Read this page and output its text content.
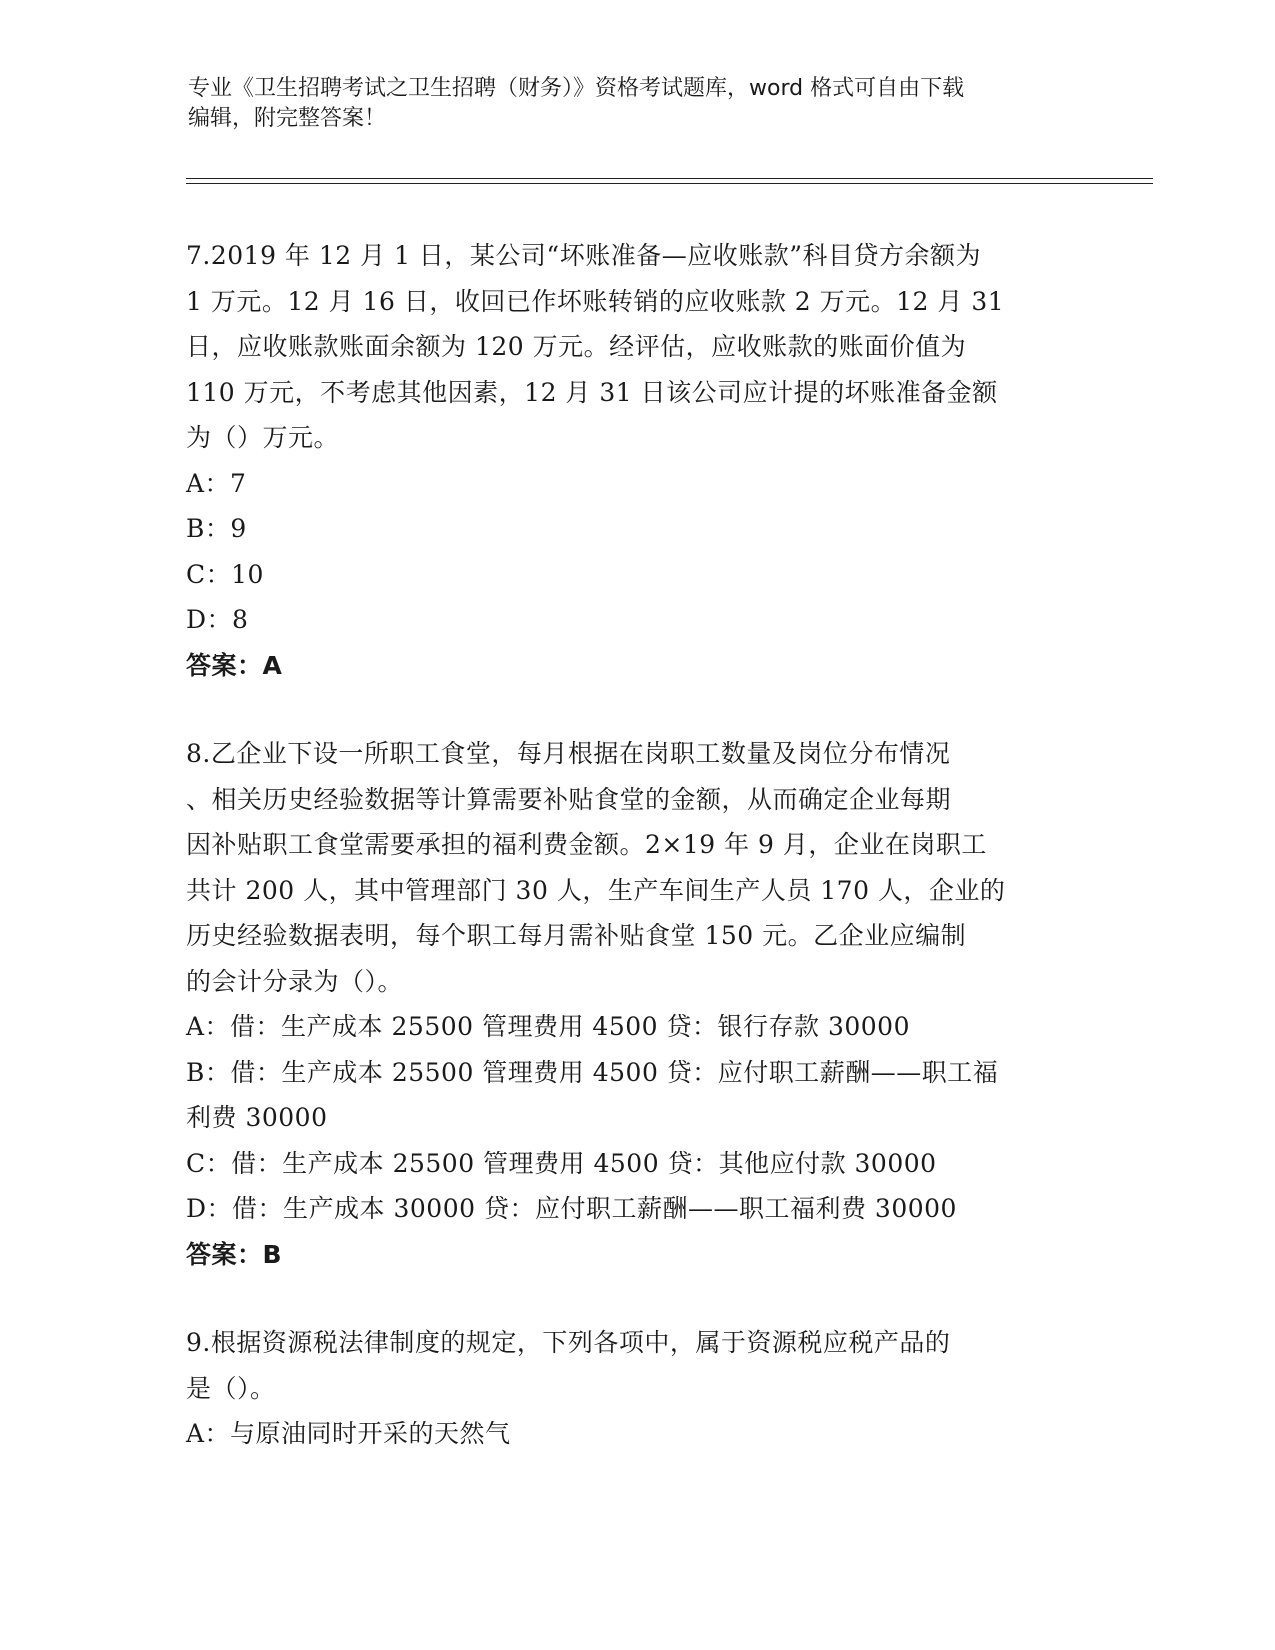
专业《卫生招聘考试之卫生招聘（财务）》资格考试题库，word 格式可自由下载
编辑，附完整答案！
7.2019 年 12 月 1 日，某公司“坏账准备—应收账款”科目贷方余额为
1 万元。12 月 16 日，收回已作坏账转销的应收账款 2 万元。12 月 31
日，应收账款账面余额为 120 万元。经评估，应收账款的账面价值为
110 万元，不考虑其他因素，12 月 31 日该公司应计提的坏账准备金额
为（）万元。
A：7
B：9
C：10
D：8
答案：A
8.乙企业下设一所职工食堂，每月根据在岗职工数量及岗位分布情况
、相关历史经验数据等计算需要补贴食堂的金额，从而确定企业每期
因补贴职工食堂需要承担的福利费金额。2×19 年 9 月，企业在岗职工
共计 200 人，其中管理部门 30 人，生产车间生产人员 170 人，企业的
历史经验数据表明，每个职工每月需补贴食堂 150 元。乙企业应编制
的会计分录为（）。
A：借：生产成本 25500 管理费用 4500 贷：银行存款 30000
B：借：生产成本 25500 管理费用 4500 贷：应付职工薪酬——职工福
利费 30000
C：借：生产成本 25500 管理费用 4500 贷：其他应付款 30000
D：借：生产成本 30000 贷：应付职工薪酬——职工福利费 30000
答案：B
9.根据资源税法律制度的规定，下列各项中，属于资源税应税产品的
是（）。
A：与原油同时开采的天然气
